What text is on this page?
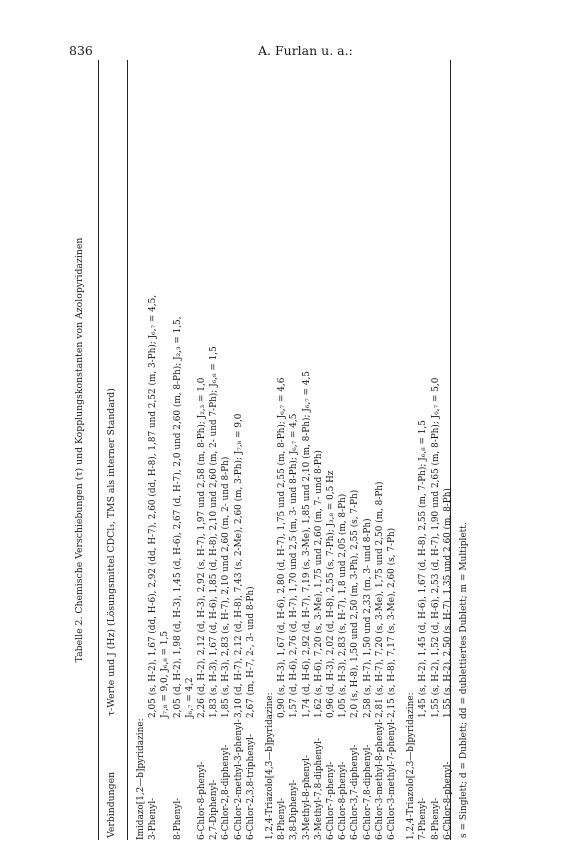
836	A. Furlan u. a.:
Tabelle 2. Chemische Verschiebungen (τ) und Kopplungskonstanten von Azolopyridazinen
Verbindungen
τ-Werte und J (Hz) (Lösungsmittel CDCl₃, TMS als interner Standard)
Imidazo[1,2—b]pyridazine: 3-Phenyl-
2,05 (s, H-2), 1,67 (dd, H-6), 2,92 (dd, H-7), 2,60 (dd, H-8), 1,87 und 2,52 (m, 3-Ph); J₆,₇ = 4,5, J₇,₈ = 9,0, J₆,₈ = 1,5
8-Phenyl-
2,05 (d, H-2), 1,98 (d, H-3), 1,45 (d, H-6), 2,67 (d, H-7), 2,0 und 2,60 (m, 8-Ph); J₂,₃ = 1,5, J₆,₇ = 4,2
6-Chlor-8-phenyl-
2,26 (d, H-2), 2,12 (d, H-3), 2,92 (s, H-7), 1,97 und 2,58 (m, 8-Ph); J₂,₃ = 1,0
2,7-Diphenyl-
1,83 (s, H-3), 1,67 (d, H-6), 1,85 (d, H-8), 2,10 und 2,60 (m, 2- und 7-Ph); J₆,₈ = 1,5
6-Chlor-2,8-diphenyl-
1,85 (s, H-3), 2,83 (s, H-7), 2,10 und 2,60 (m, 2- und 8-Ph)
6-Chlor-2-methyl-3-phenyl-
3,10 (d, H-7), 2,12 (d, H-8), 7,43 (s, 2-Me), 2,60 (m, 3-Ph); J₇,₈ = 9,0
6-Chlor-2,3,8-triphenyl-
2,67 (m, H-7, 2-, 3- und 8-Ph)
1,2,4-Triazolo[4,3—b]pyridazine: 8-Phenyl-
0,90 (s, H-3), 1,67 (d, H-6), 2,80 (d, H-7), 1,75 und 2,55 (m, 8-Ph); J₆,₇ = 4,6
3,8-Diphenyl-
1,57 (d, H-6), 2,76 (d, H-7), 1,70 und 2,5 (m, 3- und 8-Ph); J₆,₇ = 4,5
3-Methyl-8-phenyl-
1,74 (d, H-6), 2,92 (d, H-7), 7,19 (s, 3-Me), 1,85 und 2,10 (m, 8-Ph); J₆,₇ = 4,5
3-Methyl-7,8-diphenyl-
1,62 (s, H-6), 7,20 (s, 3-Me), 1,75 und 2,60 (m, 7- und 8-Ph)
6-Chlor-7-phenyl-
0,96 (d, H-3), 2,02 (d, H-8), 2,55 (s, 7-Ph); J₃,₈ = 0,5 Hz
6-Chlor-8-phenyl-
1,05 (s, H-3), 2,83 (s, H-7), 1,8 und 2,05 (m, 8-Ph)
6-Chlor-3,7-diphenyl-
2,0 (s, H-8), 1,50 und 2,50 (m, 3-Ph), 2,55 (s, 7-Ph)
6-Chlor-7,8-diphenyl-
2,58 (s, H-7), 1,50 und 2,33 (m, 3- und 8-Ph)
6-Chlor-3-methyl-8-phenyl-
2,81 (s, H-7), 7,20 (s, 3-Me), 1,75 und 2,50 (m, 8-Ph)
6-Chlor-3-methyl-7-phenyl-
2,15 (s, H-8), 7,17 (s, 3-Me), 2,60 (s, 7-Ph)
1,2,4-Triazolo[2,3—b]pyridazine: 7-Phenyl-
1,45 (s, H-2), 1,45 (d, H-6), 1,67 (d, H-8), 2,55 (m, 7-Ph); J₆,₈ = 1,5
8-Phenyl-
1,55 (s, H-2), 1,52 (d, H-6), 2,53 (d, H-7), 1,90 und 2,65 (m, 8-Ph); J₆,₇ = 5,0
6-Chlor-8-phenyl-
1,55 (s, H-2), 2,50 (s, H-7), 1,35 und 2,60 (m, 8-Ph) s = Singlett; d = Dublett; dd = dublettiertes Dublett; m = Multiplett.
